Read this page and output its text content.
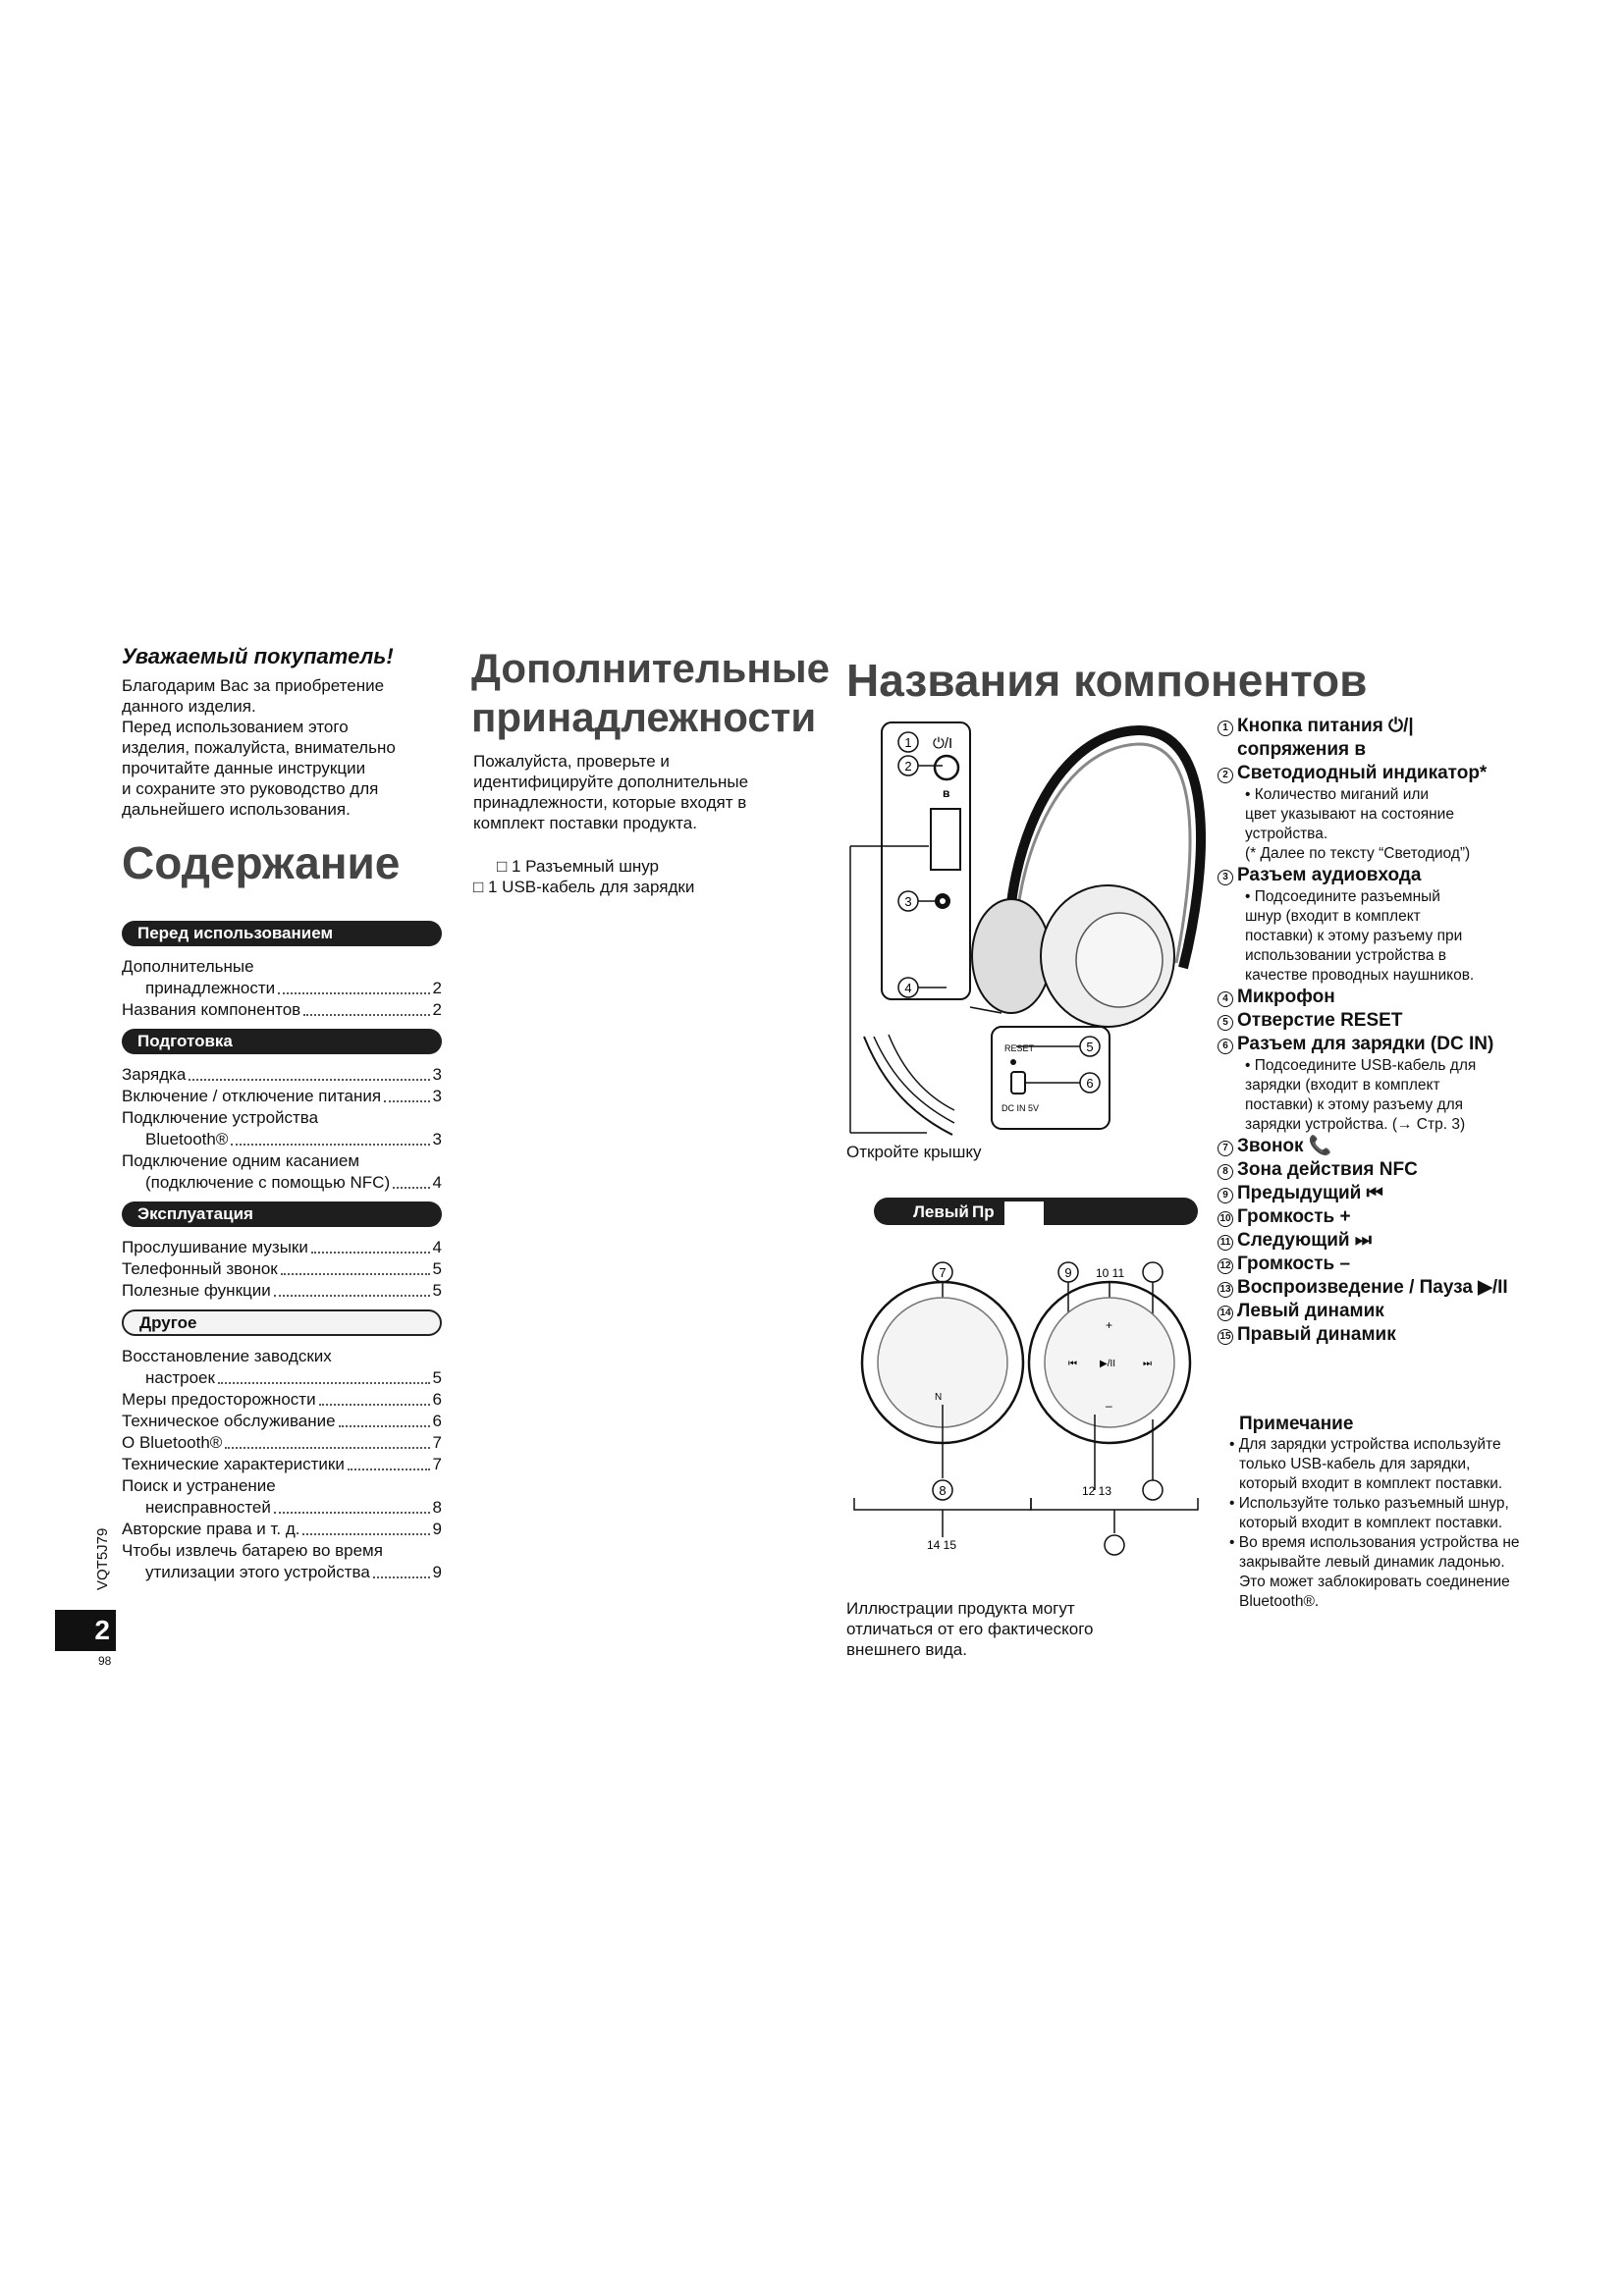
Уважаемый покупатель!
Благодарим Вас за приобретение
данного изделия.
Перед использованием этого
изделия, пожалуйста, внимательно
прочитайте данные инструкции
и сохраните это руководство для
дальнейшего использования.
Содержание
Перед использованием
Дополнительные
принадлежности	2
Названия компонентов	2
Подготовка
Зарядка	3
Включение / отключение питания	3
Подключение устройства
Bluetooth®	3
Подключение одним касанием
(подключение с помощью NFC)	4
Эксплуатация
Прослушивание музыки	4
Телефонный звонок	5
Полезные функции	5
Другое
Восстановление заводских
настроек	5
Меры предосторожности	6
Техническое обслуживание	6
О Bluetooth®	7
Технические характеристики	7
Поиск и устранение
неисправностей	8
Авторские права и т. д.	9
Чтобы извлечь батарею во время
утилизации этого устройства	9
VQT5J79
2
98
Дополнительные
принадлежности
Пожалуйста, проверьте и
идентифицируйте дополнительные
принадлежности, которые входят в
комплект поставки продукта.
□ 1 Разъемный шнур
□ 1 USB-кабель для зарядки
Названия компонентов
1 ⏻/I
2
ʙ
3
4
RESET	5
6
DC IN 5V
Левый Пр
7
N
8
9 10 11
+
⏮ ▶/II	⏭
–
12 13
14 15
Откройте крышку
1 Кнопка питания ⏻/|
сопряжения ʙ
2 Светодиодный индикатор*
• Количество миганий или
цвет указывают на состояние
устройства.
(* Далее по тексту “Светодиод”)
3 Разъем аудиовхода
• Подсоедините разъемный
шнур (входит в комплект
поставки) к этому разъему при
использовании устройства в
качестве проводных наушников.
4 Микрофон
5 Отверстие RESET
6 Разъем для зарядки (DC IN)
• Подсоедините USB-кабель для
зарядки (входит в комплект
поставки) к этому разъему для
зарядки устройства. (→ Стр. 3)
7 Звонок 📞
8 Зона действия NFC
9 Предыдущий ⏮
10 Громкость +
11 Следующий ⏭
12 Громкость –
13 Воспроизведение / Пауза ▶/II
14 Левый динамик
15 Правый динамик
Примечание
• Для зарядки устройства используйте только USB-кабель для зарядки, который входит в комплект поставки.
• Используйте только разъемный шнур, который входит в комплект поставки.
• Во время использования устройства не закрывайте левый динамик ладонью. Это может заблокировать соединение Bluetooth®.
Иллюстрации продукта могут
отличаться от его фактического
внешнего вида.
